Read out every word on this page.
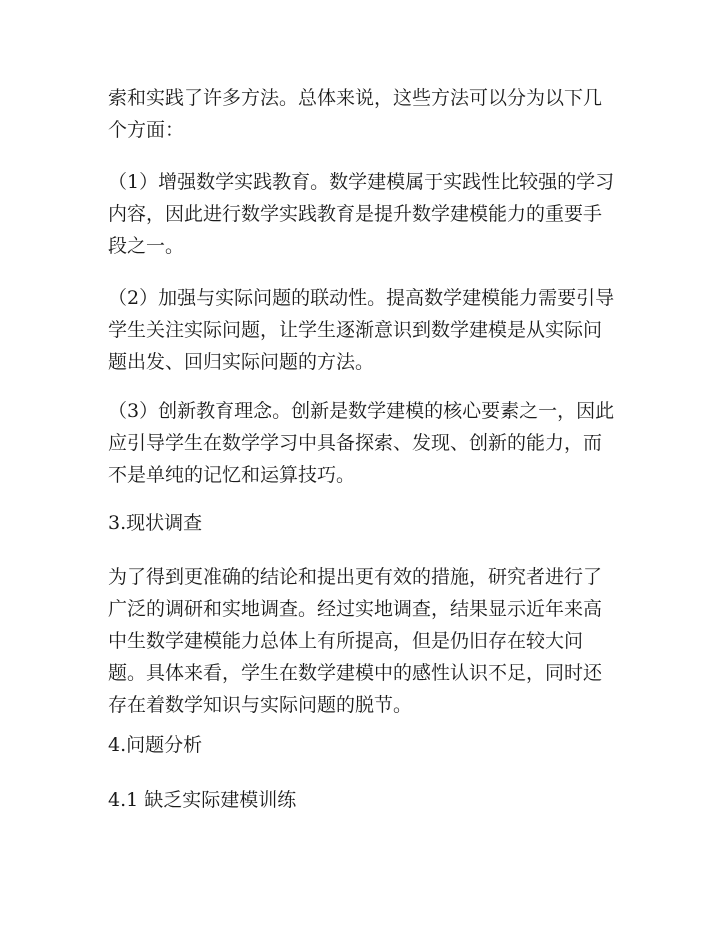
索和实践了许多方法。总体来说，这些方法可以分为以下几个方面：

（1）增强数学实践教育。数学建模属于实践性比较强的学习内容，因此进行数学实践教育是提升数学建模能力的重要手段之一。

（2）加强与实际问题的联动性。提高数学建模能力需要引导学生关注实际问题，让学生逐渐意识到数学建模是从实际问题出发、回归实际问题的方法。

（3）创新教育理念。创新是数学建模的核心要素之一，因此应引导学生在数学学习中具备探索、发现、创新的能力，而不是单纯的记忆和运算技巧。

3.现状调查

为了得到更准确的结论和提出更有效的措施，研究者进行了广泛的调研和实地调查。经过实地调查，结果显示近年来高中生数学建模能力总体上有所提高，但是仍旧存在较大问题。具体来看，学生在数学建模中的感性认识不足，同时还存在着数学知识与实际问题的脱节。

4.问题分析

4.1 缺乏实际建模训练
